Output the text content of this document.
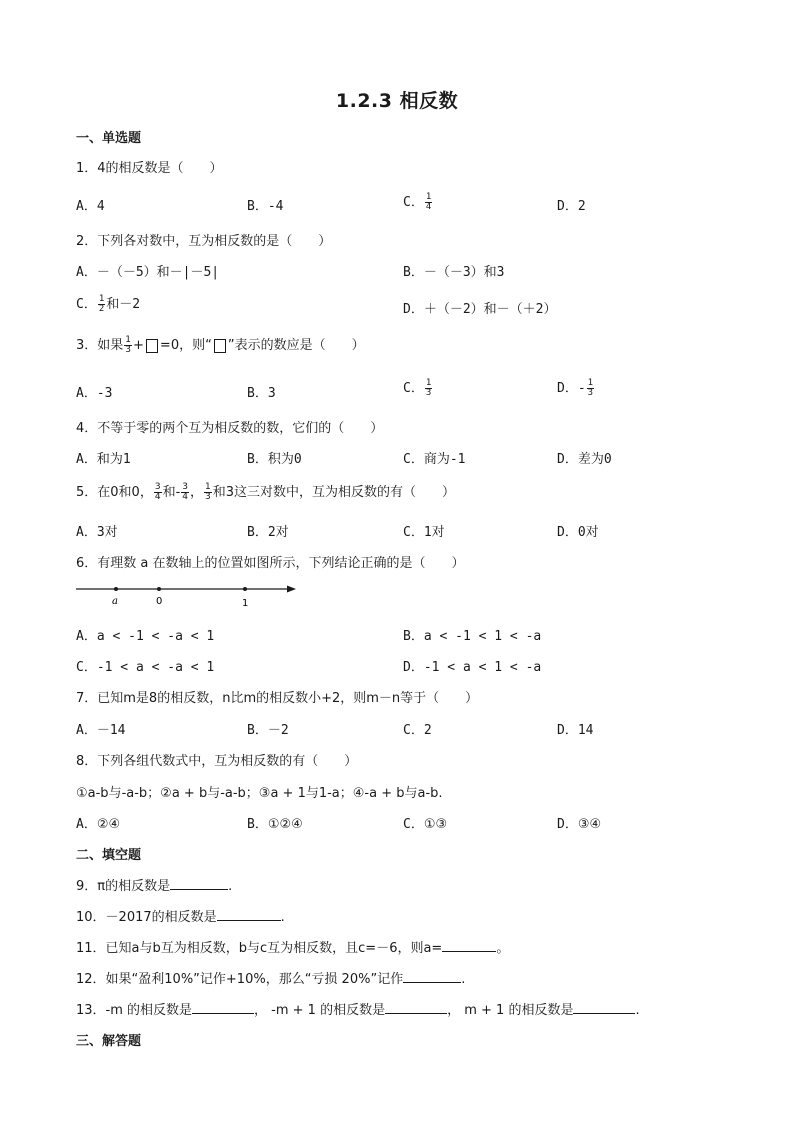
1.2.3 相反数
一、单选题
1．4的相反数是（　　）
A．4	B．-4	C． $\frac{1}{4}$	D．2
2．下列各对数中，互为相反数的是（　　）
A．－（－5）和－|－5|	B．－（－3）和3
C． $\frac{1}{2}$ 和－2	D．＋（－2）和－（＋2）
3．如果 $\frac{1}{3} + =0$，则“ ”表示的数应是（　　）
A．-3	B．3	C． $\frac{1}{3}$	D．- $\frac{1}{3}$
4．不等于零的两个互为相反数的数，它们的（　　）
A．和为1	B．积为0	C．商为-1	D．差为0
5．在0和0， $\frac{3}{4}$ 和- $\frac{3}{4}$ ， $\frac{1}{3}$ 和3这三对数中，互为相反数的有（　　）
A．3对	B．2对	C．1对	D．0对
6．有理数 a 在数轴上的位置如图所示，下列结论正确的是（　　）
a	0	1
A．a < -1 < -a < 1	B．a < -1 < 1 < -a
C．-1 < a < -a < 1	D．-1 < a < 1 < -a
7．已知m是8的相反数，n比m的相反数小+2，则m－n等于（　　）
A．－14	B．－2	C．2	D．14
8．下列各组代数式中，互为相反数的有（　　）
①a-b与-a-b；②a + b与-a-b；③a + 1与1-a；④-a + b与a-b.
A．②④	B．①②④	C．①③	D．③④
二、填空题
9．π的相反数是	.
10．－2017的相反数是	.
11．已知a与b互为相反数，b与c互为相反数，且c=－6，则a=	。
12．如果“盈利10%”记作+10%，那么“亏损 20%”记作	.
13．-m 的相反数是	， -m + 1 的相反数是	， m + 1 的相反数是	.
三、解答题
